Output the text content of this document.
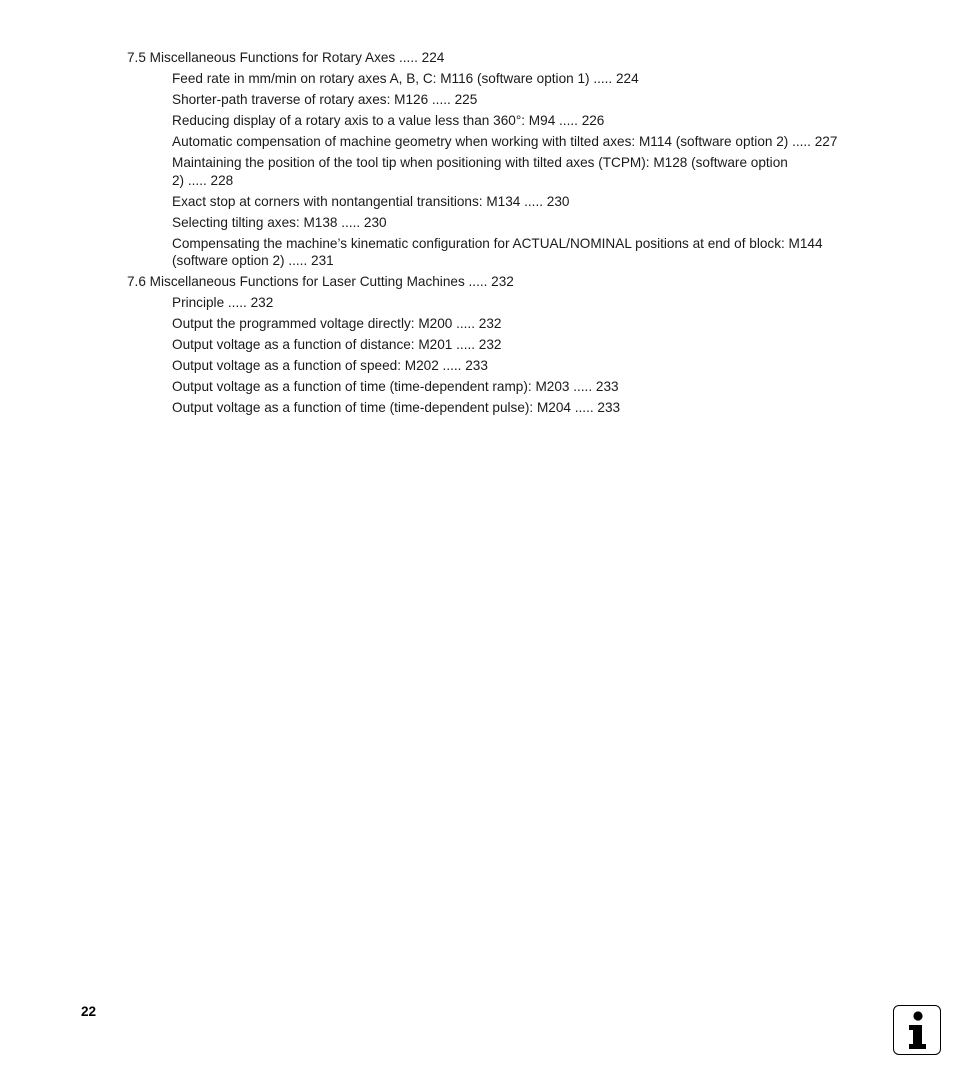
7.5 Miscellaneous Functions for Rotary Axes ..... 224
Feed rate in mm/min on rotary axes A, B, C: M116 (software option 1) ..... 224
Shorter-path traverse of rotary axes: M126 ..... 225
Reducing display of a rotary axis to a value less than 360°: M94 ..... 226
Automatic compensation of machine geometry when working with tilted axes: M114 (software option 2) ..... 227
Maintaining the position of the tool tip when positioning with tilted axes (TCPM): M128 (software option 2) ..... 228
Exact stop at corners with nontangential transitions: M134 ..... 230
Selecting tilting axes: M138 ..... 230
Compensating the machine’s kinematic configuration for ACTUAL/NOMINAL positions at end of block: M144 (software option 2) ..... 231
7.6 Miscellaneous Functions for Laser Cutting Machines ..... 232
Principle ..... 232
Output the programmed voltage directly: M200 ..... 232
Output voltage as a function of distance: M201 ..... 232
Output voltage as a function of speed: M202 ..... 233
Output voltage as a function of time (time-dependent ramp): M203 ..... 233
Output voltage as a function of time (time-dependent pulse): M204 ..... 233
22
